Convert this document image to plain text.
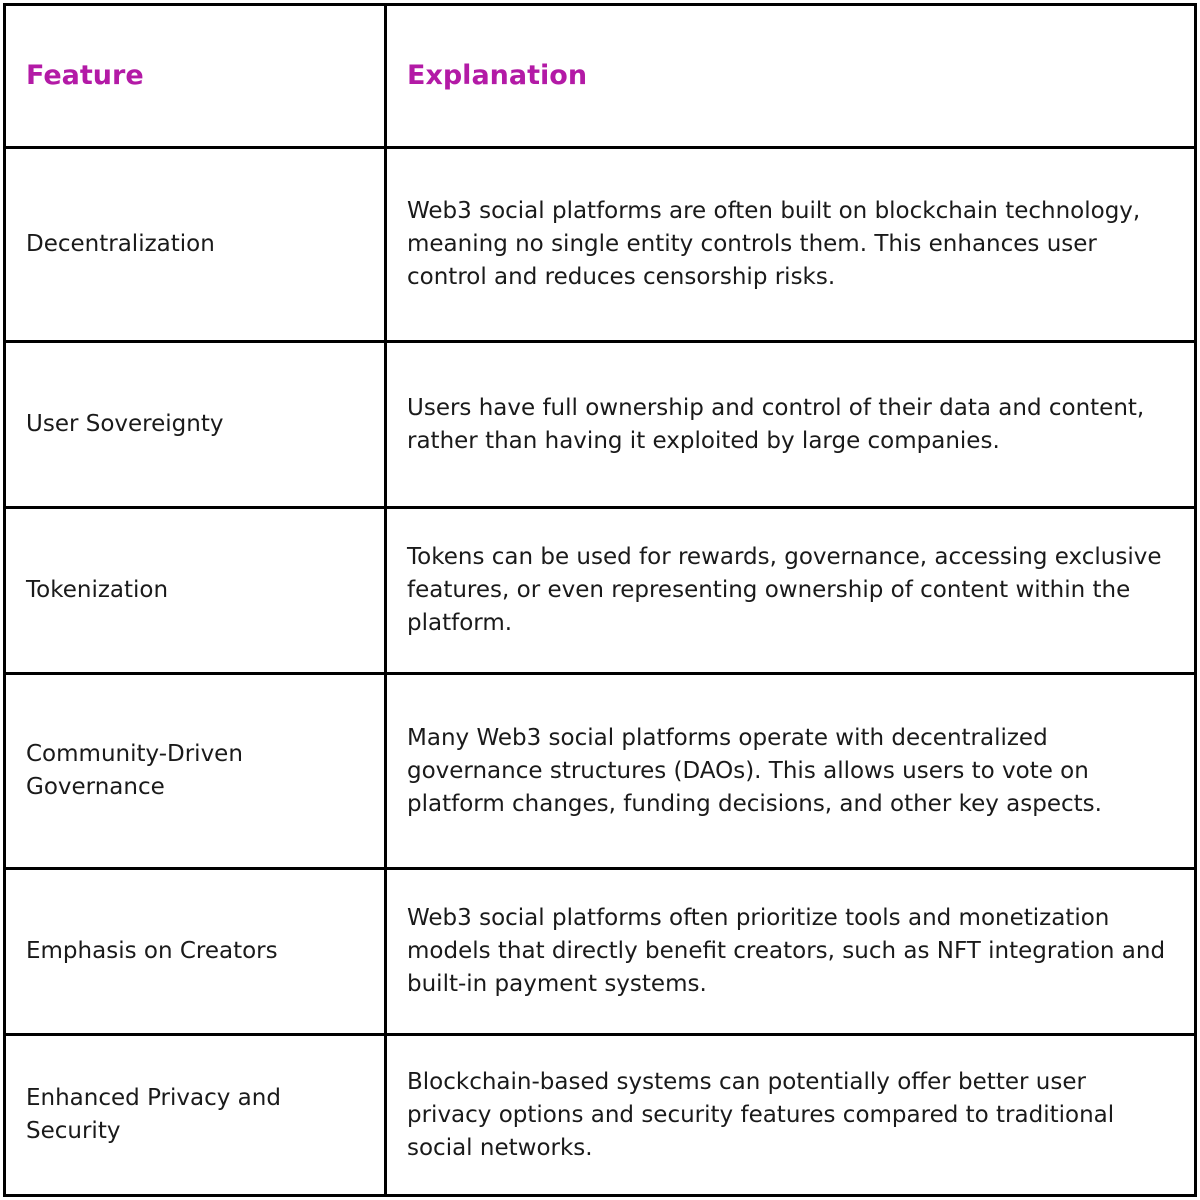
Feature	Explanation
Decentralization	Web3 social platforms are often built on blockchain technology, meaning no single entity controls them. This enhances user control and reduces censorship risks.
User Sovereignty	Users have full ownership and control of their data and content, rather than having it exploited by large companies.
Tokenization	Tokens can be used for rewards, governance, accessing exclusive features, or even representing ownership of content within the platform.
Community-Driven Governance	Many Web3 social platforms operate with decentralized governance structures (DAOs). This allows users to vote on platform changes, funding decisions, and other key aspects.
Emphasis on Creators	Web3 social platforms often prioritize tools and monetization models that directly benefit creators, such as NFT integration and built-in payment systems.
Enhanced Privacy and Security	Blockchain-based systems can potentially offer better user privacy options and security features compared to traditional social networks.
